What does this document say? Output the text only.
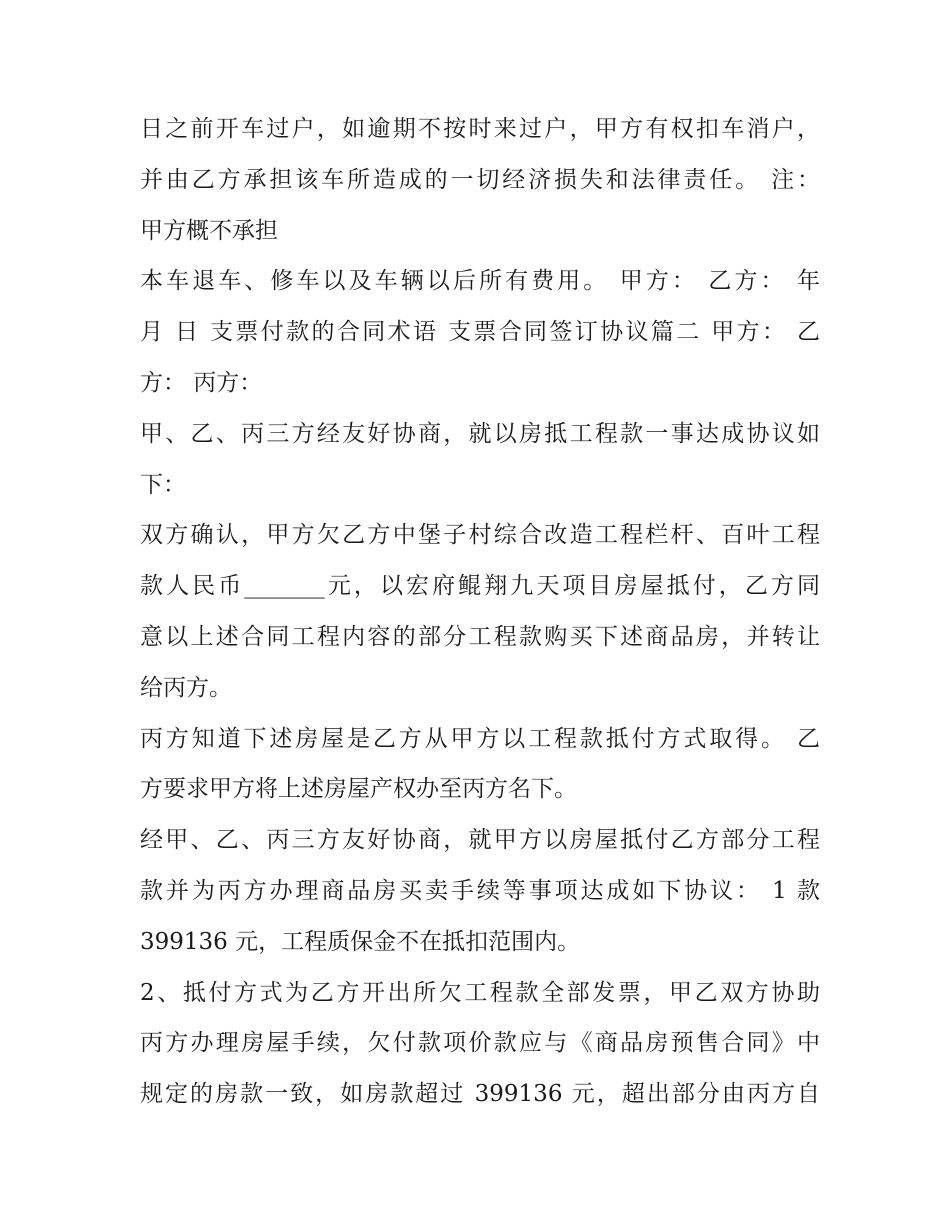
日之前开车过户，如逾期不按时来过户，甲方有权扣车消户，
并由乙方承担该车所造成的一切经济损失和法律责任。 注：
甲方概不承担
本车退车、修车以及车辆以后所有费用。 甲方： 乙方： 年
月 日 支票付款的合同术语 支票合同签订协议篇二 甲方： 乙
方： 丙方：
甲、乙、丙三方经友好协商，就以房抵工程款一事达成协议如
下：
双方确认，甲方欠乙方中堡子村综合改造工程栏杆、百叶工程
款人民币_______元，以宏府鲲翔九天项目房屋抵付，乙方同
意以上述合同工程内容的部分工程款购买下述商品房，并转让
给丙方。
丙方知道下述房屋是乙方从甲方以工程款抵付方式取得。 乙
方要求甲方将上述房屋产权办至丙方名下。
经甲、乙、丙三方友好协商，就甲方以房屋抵付乙方部分工程
款并为丙方办理商品房买卖手续等事项达成如下协议： 1 款
399136 元，工程质保金不在抵扣范围内。
2、抵付方式为乙方开出所欠工程款全部发票，甲乙双方协助
丙方办理房屋手续，欠付款项价款应与《商品房预售合同》中
规定的房款一致，如房款超过 399136 元，超出部分由丙方自
